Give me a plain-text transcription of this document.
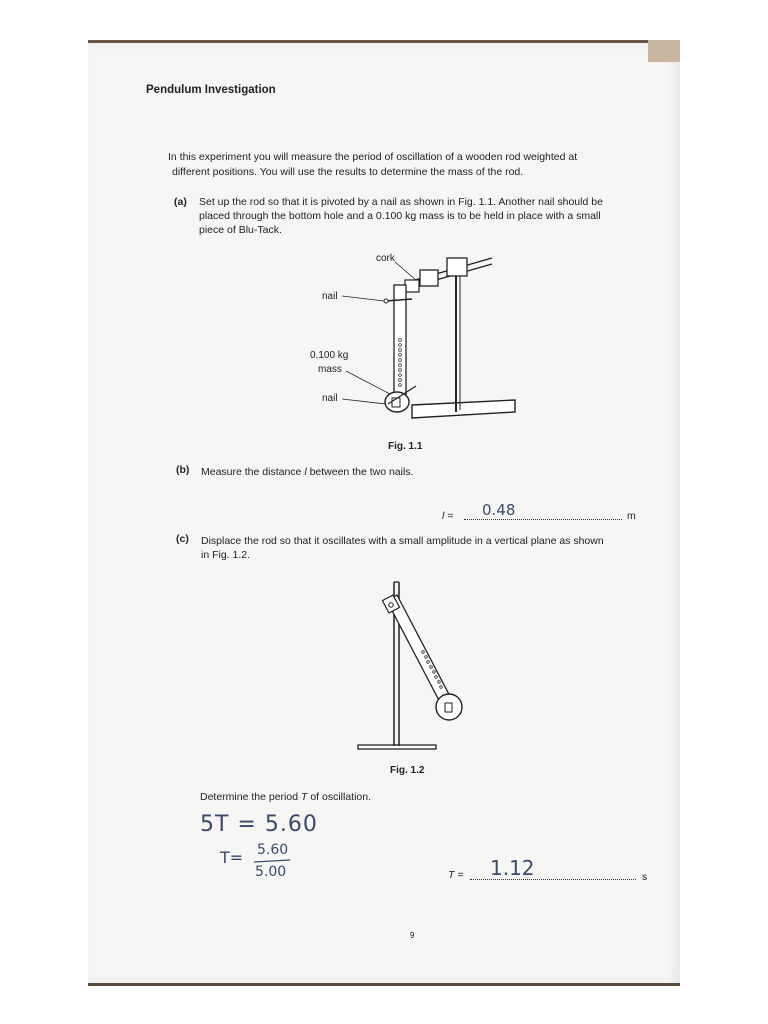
Pendulum Investigation
In this experiment you will measure the period of oscillation of a wooden rod weighted at
different positions. You will use the results to determine the mass of the rod.
(a) Set up the rod so that it is pivoted by a nail as shown in Fig. 1.1. Another nail should be
placed through the bottom hole and a 0.100 kg mass is to be held in place with a small
piece of Blu-Tack.
cork
nail
0.100 kg
mass
nail
Fig. 1.1
(b) Measure the distance l between the two nails.
l = 0.48	m
(c) Displace the rod so that it oscillates with a small amplitude in a vertical plane as shown
in Fig. 1.2.
Fig. 1.2
Determine the period T of oscillation.
5T = 5.60
T= 5.60
5.00	T = 1.12	s
9
